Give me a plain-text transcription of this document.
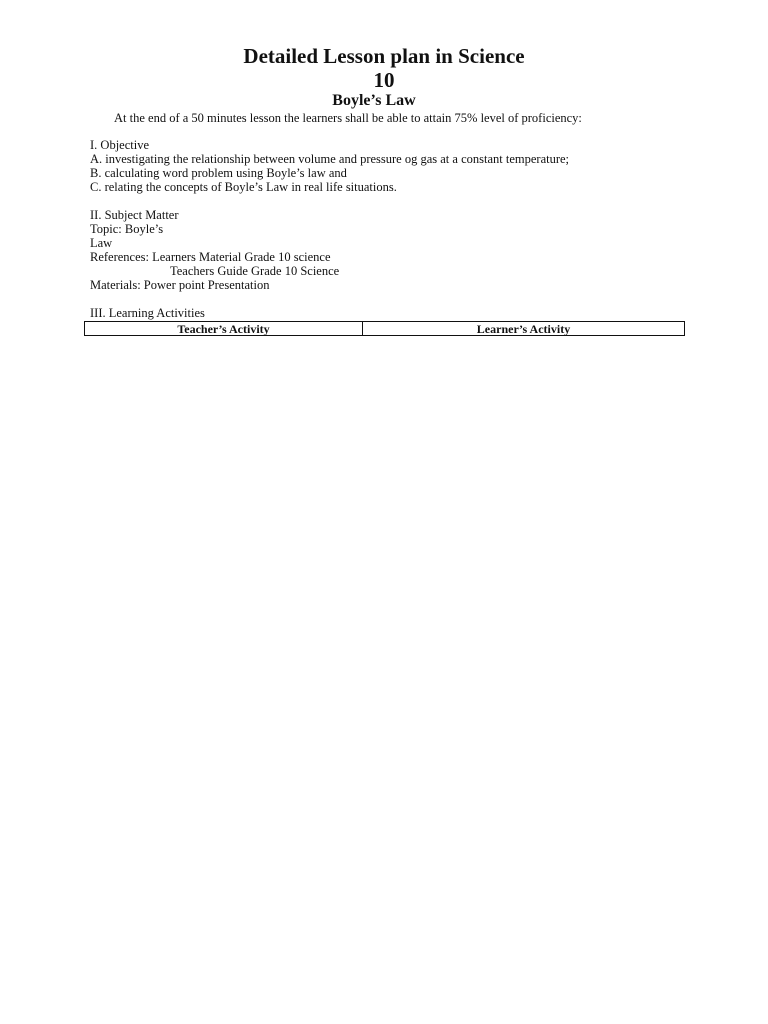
Detailed Lesson plan in Science
10
Boyle’s Law
At the end of a 50 minutes lesson the learners shall be able to attain 75% level of proficiency:
I. Objective
A. investigating the relationship between volume and pressure og gas at a constant temperature;
B. calculating word problem using Boyle’s law and
C. relating the concepts of Boyle’s Law in real life situations.
II. Subject Matter
Topic: Boyle’s
Law
References: Learners Material Grade 10 science
Teachers Guide Grade 10 Science
Materials: Power point Presentation
III. Learning Activities
Teacher’s Activity	Learner’s Activity
